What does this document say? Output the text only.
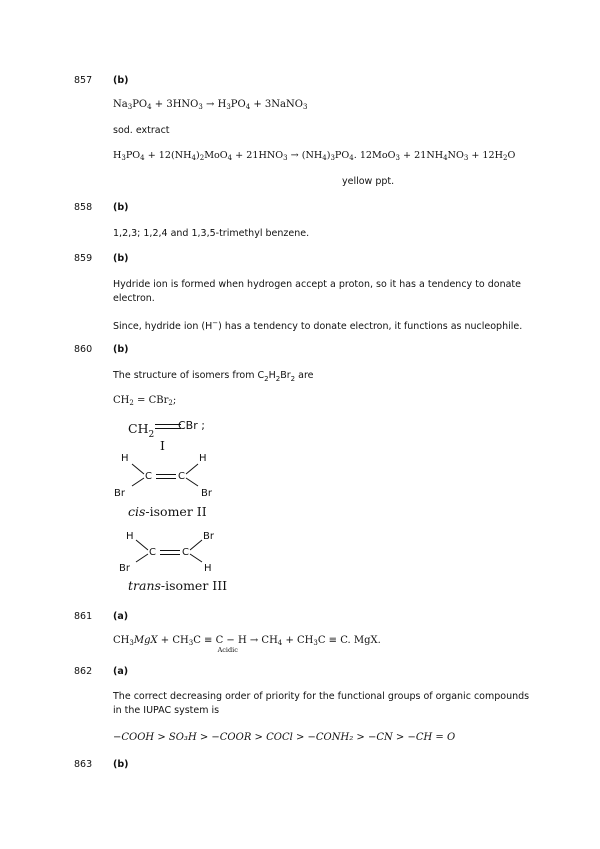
857 (b)
$Na_3PO_4 + 3HNO_3 \to H_3PO_4$ + 3NaNO$_3$
sod. extract
$H_3PO_4 + 12(NH_4)_2MoO_4 + 21HNO_3 \to (NH_4)_3PO_4$. $12MoO_3 + 21NH_4NO_3 + 12H_2O$
yellow ppt.
858 (b)
1,2,3; 1,2,4 and 1,3,5-trimethyl benzene.
859 (b)
Hydride ion is formed when hydrogen accept a proton, so it has a tendency to donate electron.
Since, hydride ion (H−) has a tendency to donate electron, it functions as nucleophile.
860 (b)
The structure of isomers from $C_2H_2Br_2$ are
$CH_2 = CBr_2$;
$CH_2$
CBr ;
I
H
C	C
H
Br	Br
cis-isomer II
H
C	C
Br
Br	H
trans-isomer III
861 (a)
$CH_3MgX + CH_3C \equiv C - H$
Acidic
→ $CH_4 + CH_3C \equiv C$. MgX.
862 (a)
The correct decreasing order of priority for the functional groups of organic compounds in the IUPAC system is
−COOH > SO₃H > −COOR > COCl > −CONH₂ > −CN > −CH = O
863 (b)
